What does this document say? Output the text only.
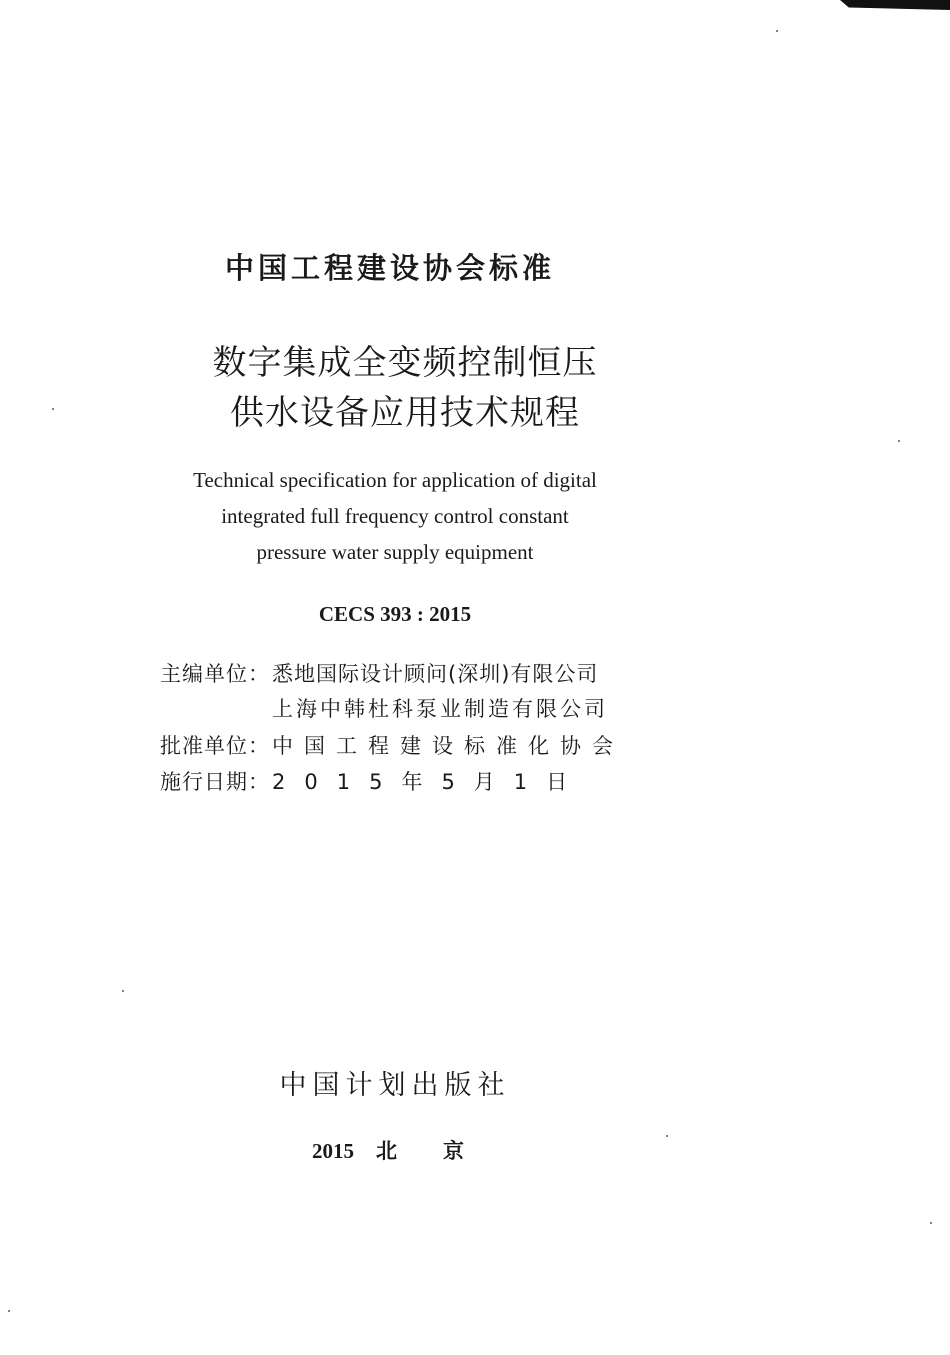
中国工程建设协会标准
数字集成全变频控制恒压
供水设备应用技术规程
Technical specification for application of digital
integrated full frequency control constant
pressure water supply equipment
CECS 393 : 2015
主编单位：悉地国际设计顾问(深圳)有限公司
上海中韩杜科泵业制造有限公司
批准单位：中国工程建设标准化协会
施行日期：2015年5月1日
中国计划出版社
2015 北京
